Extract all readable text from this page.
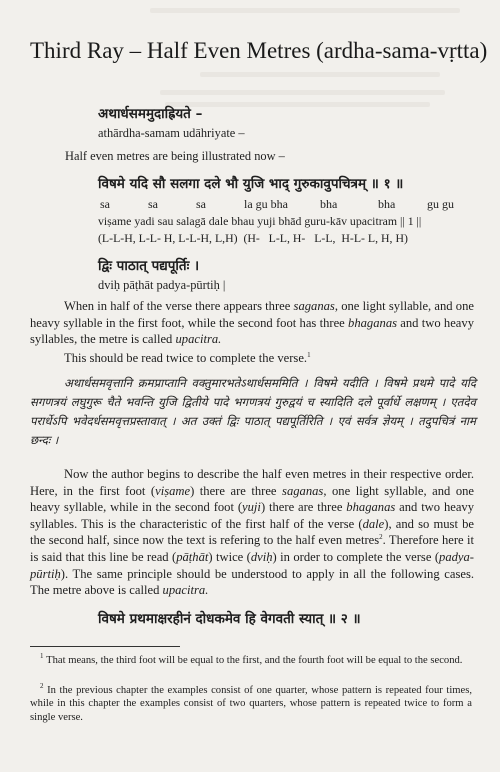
Third Ray – Half Even Metres (ardha-sama-vṛtta)
अथार्धसममुदाह्रियते –
athārdha-samam udāhriyate –
Half even metres are being illustrated now –
विषमे यदि सौ सलगा दले भौ युजि भाद् गुरुकावुपचित्रम् ॥ १ ॥
sa	sa	sa	la gu bha	bha	bha	gu gu
viṣame yadi sau salagā dale bhau yuji bhād guru-kāv upacitram || 1 ||
(L-L-H, L-L- H, L-L-H, L,H)  (H-   L-L, H-   L-L,  H-L- L, H, H)
द्विः पाठात् पद्यपूर्तिः ।
dviḥ pāṭhāt padya-pūrtiḥ |

When in half of the verse there appears three saganas, one light syllable, and one heavy syllable in the first foot, while the second foot has three bhaganas and two heavy syllables, the metre is called upacitra.

This should be read twice to complete the verse.$^1$

अथार्धसमवृत्तानि क्रमप्राप्तानि वक्तुमारभतेऽथार्धसममिति । विषमे यदीति । विषमे प्रथमे पादे यदि सगणत्रयं लघुगुरू चैते भवन्ति युजि द्वितीये पादे भगणत्रयं गुरुद्वयं च स्यादिति दले पूर्वार्धे लक्षणम् । एतदेव परार्धेऽपि भवेदर्धसमवृत्तप्रस्तावात् । अत उक्तं द्विः पाठात् पद्यपूर्तिरिति । एवं सर्वत्र ज्ञेयम् । तदुपचित्रं नाम छन्दः ।

Now the author begins to describe the half even metres in their respective order. Here, in the first foot (viṣame) there are three saganas, one light syllable, and one heavy syllable, while in the second foot (yuji) there are three bhaganas and two heavy syllables. This is the characteristic of the first half of the verse (dale), and so must be the second half, since now the text is refering to the half even metres$^2$. Therefore here it is said that this line be read (pāṭhāt) twice (dviḥ) in order to complete the verse (padya-pūrtiḥ). The same principle should be understood to apply in all the following cases. The metre above is called upacitra.

विषमे प्रथमाक्षरहीनं दोधकमेव हि वेगवती स्यात् ॥ २ ॥

$^1$ That means, the third foot will be equal to the first, and the fourth foot will be equal to the second.

$^2$ In the previous chapter the examples consist of one quarter, whose pattern is repeated four times, while in this chapter the examples consist of two quarters, whose pattern is repeated twice to form a single verse.
